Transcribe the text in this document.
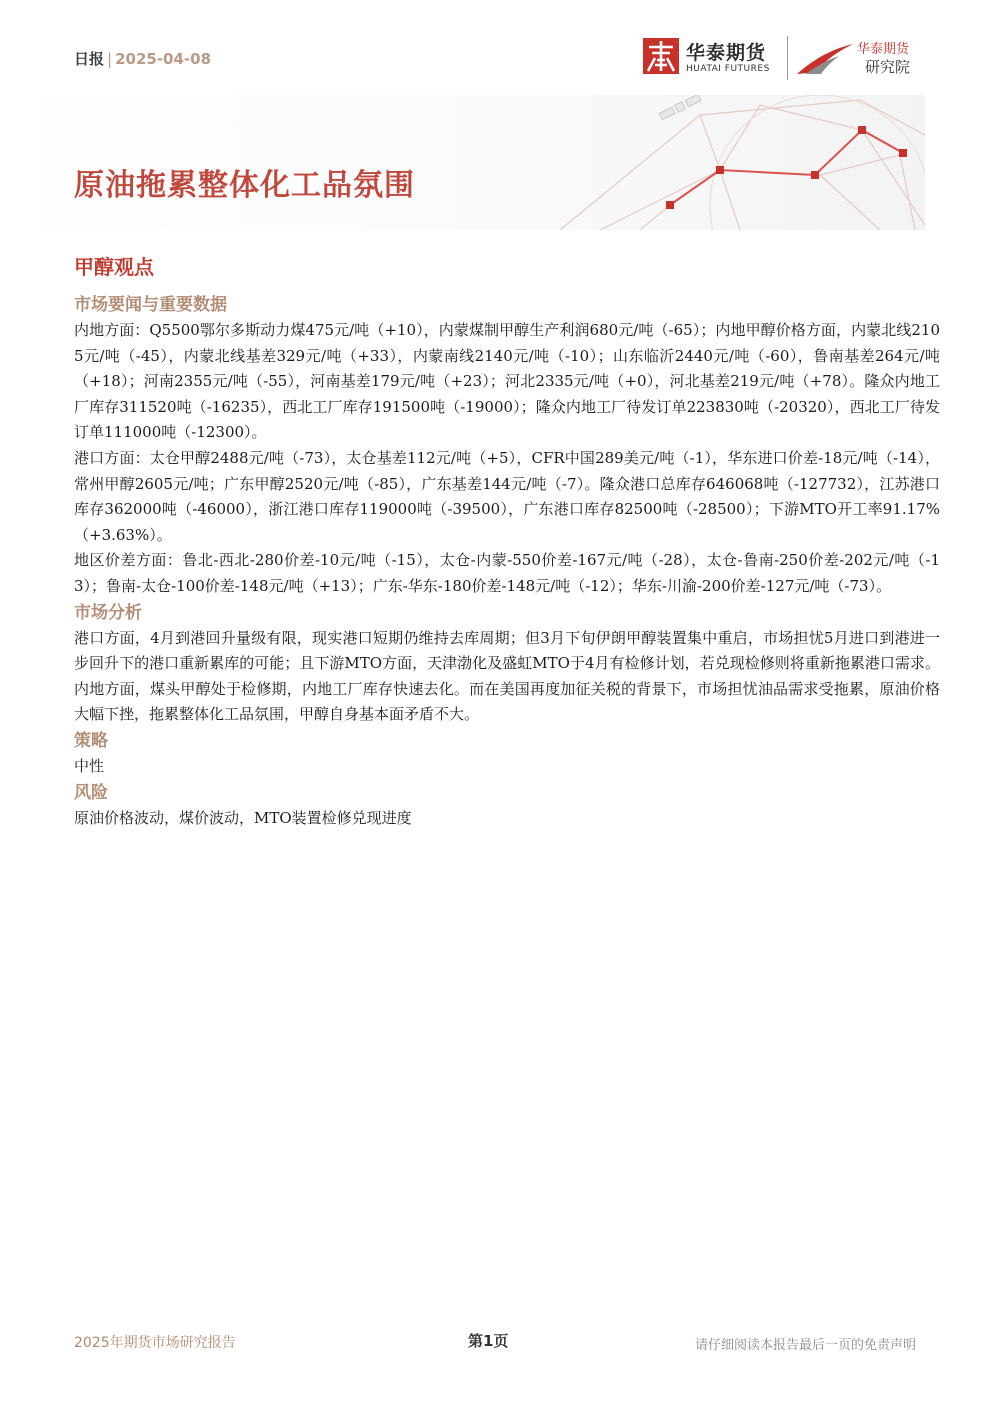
日报 | 2025-04-08	华泰期货
HUATAI FUTURES
华泰期货
研究院
原油拖累整体化工品氛围
甲醇观点
市场要闻与重要数据

内地方面：Q5500鄂尔多斯动力煤475元/吨（+10），内蒙煤制甲醇生产利润680元/吨（-65）；内地甲醇价格方面，内蒙北线2105元/吨（-45），内蒙北线基差329元/吨（+33），内蒙南线2140元/吨（-10）；山东临沂2440元/吨（-60），鲁南基差264元/吨（+18）；河南2355元/吨（-55），河南基差179元/吨（+23）；河北2335元/吨（+0），河北基差219元/吨（+78）。隆众内地工厂库存311520吨（-16235），西北工厂库存191500吨（-19000）；隆众内地工厂待发订单223830吨（-20320），西北工厂待发订单111000吨（-12300）。

港口方面：太仓甲醇2488元/吨（-73），太仓基差112元/吨（+5），CFR中国289美元/吨（-1），华东进口价差-18元/吨（-14），常州甲醇2605元/吨；广东甲醇2520元/吨（-85），广东基差144元/吨（-7）。隆众港口总库存646068吨（-127732），江苏港口库存362000吨（-46000），浙江港口库存119000吨（-39500），广东港口库存82500吨（-28500）；下游MTO开工率91.17%（+3.63%）。

地区价差方面：鲁北-西北-280价差-10元/吨（-15），太仓-内蒙-550价差-167元/吨（-28），太仓-鲁南-250价差-202元/吨（-13）；鲁南-太仓-100价差-148元/吨（+13）；广东-华东-180价差-148元/吨（-12）；华东-川渝-200价差-127元/吨（-73）。

市场分析

港口方面，4月到港回升量级有限，现实港口短期仍维持去库周期；但3月下旬伊朗甲醇装置集中重启，市场担忧5月进口到港进一步回升下的港口重新累库的可能；且下游MTO方面，天津渤化及盛虹MTO于4月有检修计划，若兑现检修则将重新拖累港口需求。内地方面，煤头甲醇处于检修期，内地工厂库存快速去化。而在美国再度加征关税的背景下，市场担忧油品需求受拖累，原油价格大幅下挫，拖累整体化工品氛围，甲醇自身基本面矛盾不大。

策略

中性

风险

原油价格波动，煤价波动，MTO装置检修兑现进度

2025年期货市场研究报告	第1页	请仔细阅读本报告最后一页的免责声明
